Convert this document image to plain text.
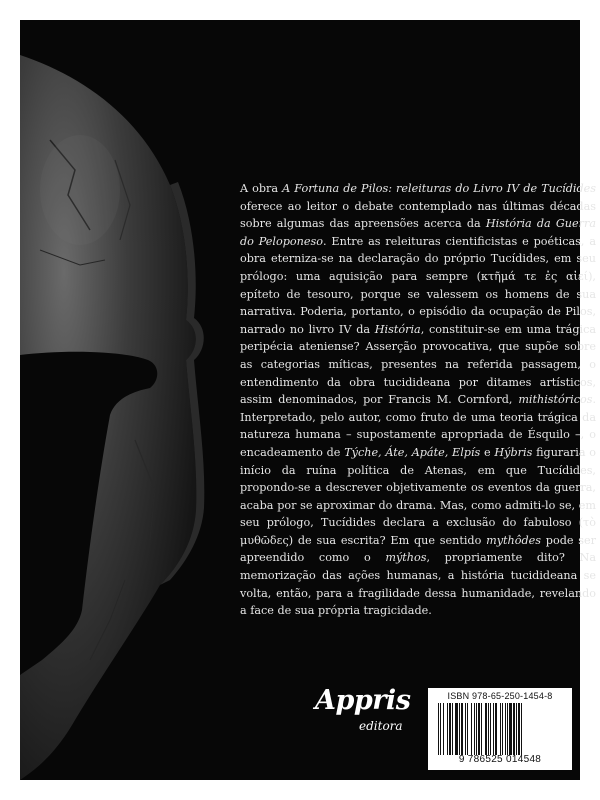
A obra A Fortuna de Pilos: releituras do Livro IV de Tucídides oferece ao leitor o debate contemplado nas últimas décadas sobre algumas das apreensões acerca da História da Guerra do Peloponeso. Entre as releituras cientificistas e poéticas, a obra eterniza-se na declaração do próprio Tucídides, em seu prólogo: uma aquisição para sempre (κτῆμά τε ἐς αἰεί), epíteto de tesouro, porque se valessem os homens de sua narrativa. Poderia, portanto, o episódio da ocupação de Pilos, narrado no livro IV da História, constituir-se em uma trágica peripécia ateniense? Asserção provocativa, que supõe sobre as categorias míticas, presentes na referida passagem, o entendimento da obra tucidideana por ditames artísticos, assim denominados, por Francis M. Cornford, mithistóricos. Interpretado, pelo autor, como fruto de uma teoria trágica da natureza humana – supostamente apropriada de Ésquilo –, o encadeamento de Týche, Áte, Apáte, Elpís e Hýbris figuraria o início da ruína política de Atenas, em que Tucídides, propondo-se a descrever objetivamente os eventos da guerra, acaba por se aproximar do drama. Mas, como admiti-lo se, em seu prólogo, Tucídides declara a exclusão do fabuloso (τὸ μυθῶδες) de sua escrita? Em que sentido mythôdes pode ser apreendido como o mýthos, propriamente dito? Na memorização das ações humanas, a história tucidideana se volta, então, para a fragilidade dessa humanidade, revelando a face de sua própria tragicidade.

Appris
editora
ISBN 978-65-250-1454-8
9 786525 014548
